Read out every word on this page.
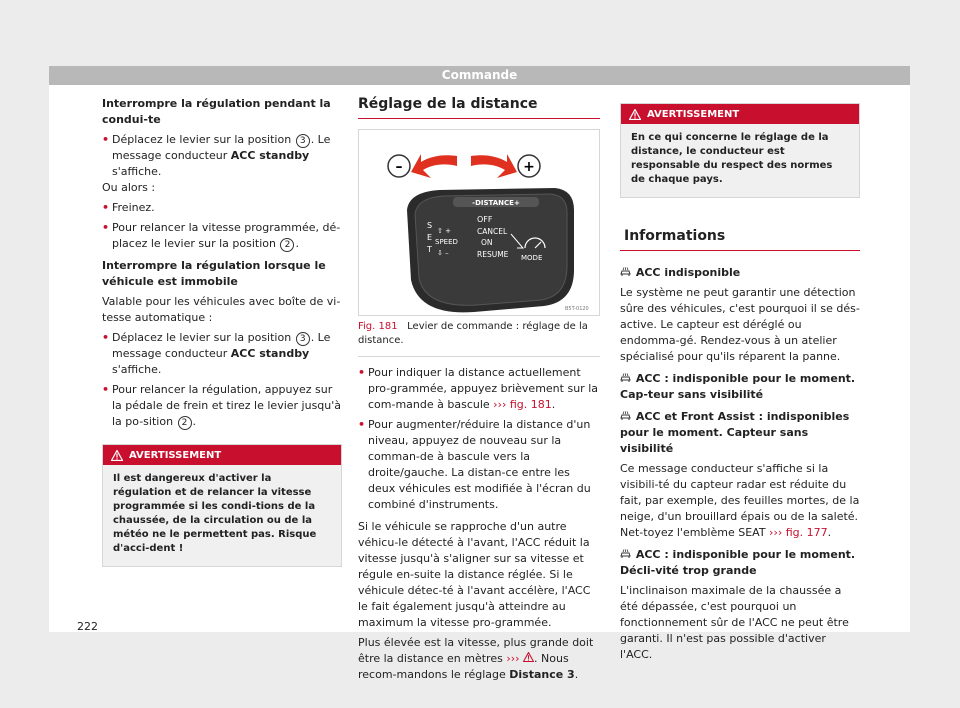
Commande

Interrompre la régulation pendant la condui-te

• Déplacez le levier sur la position 3 . Le message conducteur ACC standby s'affiche.

Ou alors :

• Freinez.
• Pour relancer la vitesse programmée, dé-placez le levier sur la position 2 .

Interrompre la régulation lorsque le véhicule est immobile

Valable pour les véhicules avec boîte de vi-tesse automatique :

• Déplacez le levier sur la position 3 . Le message conducteur ACC standby s'affiche.
• Pour relancer la régulation, appuyez sur la pédale de frein et tirez le levier jusqu'à la po-sition 2 .
AVERTISSEMENT
Il est dangereux d'activer la régulation et de relancer la vitesse programmée si les condi-tions de la chaussée, de la circulation ou de la météo ne le permettent pas. Risque d'acci-dent !
Réglage de la distance
–	+
-DISTANCE+
S
E
T
⇧ +
SPEED
⇩ –
OFF
CANCEL
ON
RESUME MODE
B5T-0120
Fig. 181 Levier de commande : réglage de la distance.
• Pour indiquer la distance actuellement pro-grammée, appuyez brièvement sur la com-mande à bascule ››› fig. 181.
• Pour augmenter/réduire la distance d'un niveau, appuyez de nouveau sur la comman-de à bascule vers la droite/gauche. La distan-ce entre les deux véhicules est modifiée à l'écran du combiné d'instruments.

Si le véhicule se rapproche d'un autre véhicu-le détecté à l'avant, l'ACC réduit la vitesse jusqu'à s'aligner sur sa vitesse et régule en-suite la distance réglée. Si le véhicule détec-té à l'avant accélère, l'ACC le fait également jusqu'à atteindre au maximum la vitesse pro-grammée.

Plus élevée est la vitesse, plus grande doit être la distance en mètres ››› . Nous recom-mandons le réglage Distance 3.

AVERTISSEMENT
En ce qui concerne le réglage de la distance, le conducteur est responsable du respect des normes de chaque pays.
Informations

ACC indisponible

Le système ne peut garantir une détection sûre des véhicules, c'est pourquoi il se dés-active. Le capteur est déréglé ou endomma-gé. Rendez-vous à un atelier spécialisé pour qu'ils réparent la panne.

ACC : indisponible pour le moment. Cap-teur sans visibilité

ACC et Front Assist : indisponibles pour le moment. Capteur sans visibilité

Ce message conducteur s'affiche si la visibili-té du capteur radar est réduite du fait, par exemple, des feuilles mortes, de la neige, d'un brouillard épais ou de la saleté. Net-toyez l'emblème SEAT ››› fig. 177.

ACC : indisponible pour le moment. Décli-vité trop grande

L'inclinaison maximale de la chaussée a été dépassée, c'est pourquoi un fonctionnement sûr de l'ACC ne peut être garanti. Il n'est pas possible d'activer l'ACC.

222
